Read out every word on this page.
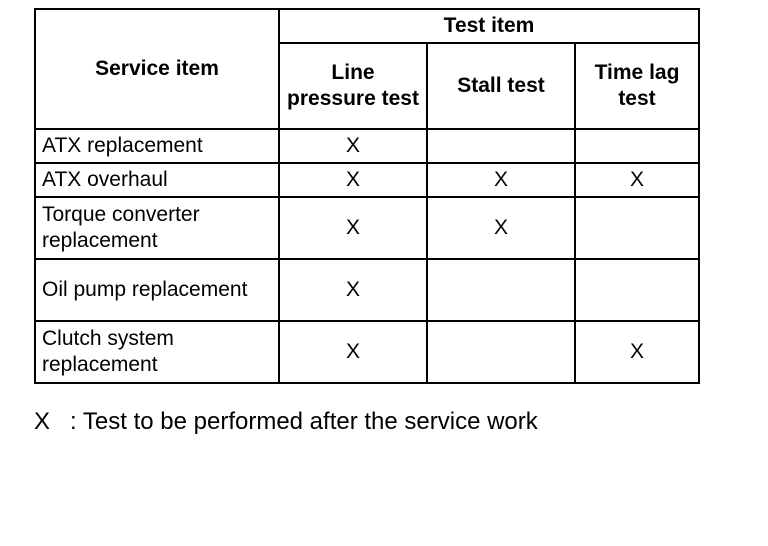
Service item	Test item		
	Line pressure test	Stall test	Time lag test
ATX replacement	X		
ATX overhaul	X	X	X
Torque converter replacement	X	X	
Oil pump replacement	X		
Clutch system replacement	X		X
X : Test to be performed after the service work
